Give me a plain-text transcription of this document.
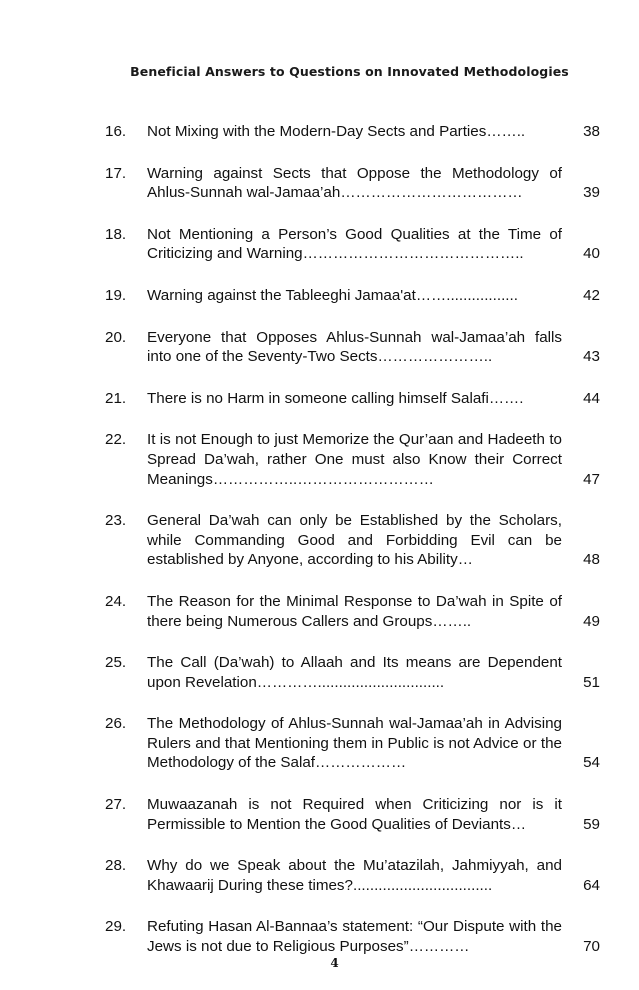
Beneficial Answers to Questions on Innovated Methodologies
16.	Not Mixing with the Modern-Day Sects and Parties……..	38
17.	Warning against Sects that Oppose the Methodology of Ahlus-Sunnah wal-Jamaa’ah………………………………	39
18.	Not Mentioning a Person’s Good Qualities at the Time of Criticizing and Warning……………………………………..	40
19.	Warning against the Tableeghi Jamaa'at…….................	42
20.	Everyone that Opposes Ahlus-Sunnah wal-Jamaa’ah falls into one of the Seventy-Two Sects…………………..	43
21.	There is no Harm in someone calling himself Salafi…….	44
22.	It is not Enough to just Memorize the Qur’aan and Hadeeth to Spread Da’wah, rather One must also Know their Correct Meanings……………..………………………	47
23.	General Da’wah can only be Established by the Scholars, while Commanding Good and Forbidding Evil can be established by Anyone, according to his Ability…	48
24.	The Reason for the Minimal Response to Da’wah in Spite of there being Numerous Callers and Groups……..	49
25.	The Call (Da’wah) to Allaah and Its means are Dependent upon Revelation…………..............................	51
26.	The Methodology of Ahlus-Sunnah wal-Jamaa’ah in Advising Rulers and that Mentioning them in Public is not Advice or the Methodology of the Salaf………………	54
27.	Muwaazanah is not Required when Criticizing nor is it Permissible to Mention the Good Qualities of Deviants…	59
28.	Why do we Speak about the Mu’atazilah, Jahmiyyah, and Khawaarij During these times?.................................	64
29.	Refuting Hasan Al-Bannaa’s statement: “Our Dispute with the Jews is not due to Religious Purposes”…………	70
4
